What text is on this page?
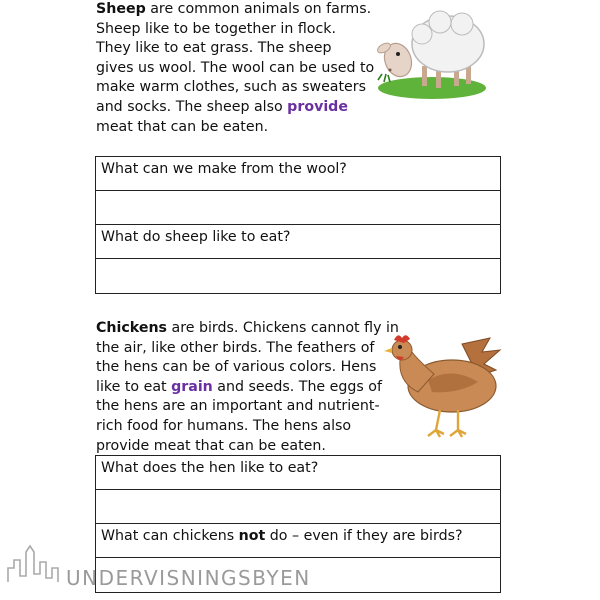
Sheep are common animals on farms.
Sheep like to be together in flock.
They like to eat grass. The sheep
gives us wool. The wool can be used to
make warm clothes, such as sweaters
and socks. The sheep also provide
meat that can be eaten.
What can we make from the wool?
What do sheep like to eat?
Chickens are birds. Chickens cannot fly in
the air, like other birds. The feathers of
the hens can be of various colors. Hens
like to eat grain and seeds. The eggs of
the hens are an important and nutrient-
rich food for humans. The hens also
provide meat that can be eaten.
What does the hen like to eat?
What can chickens not do – even if they are birds?
UNDERVISNINGSBYEN
